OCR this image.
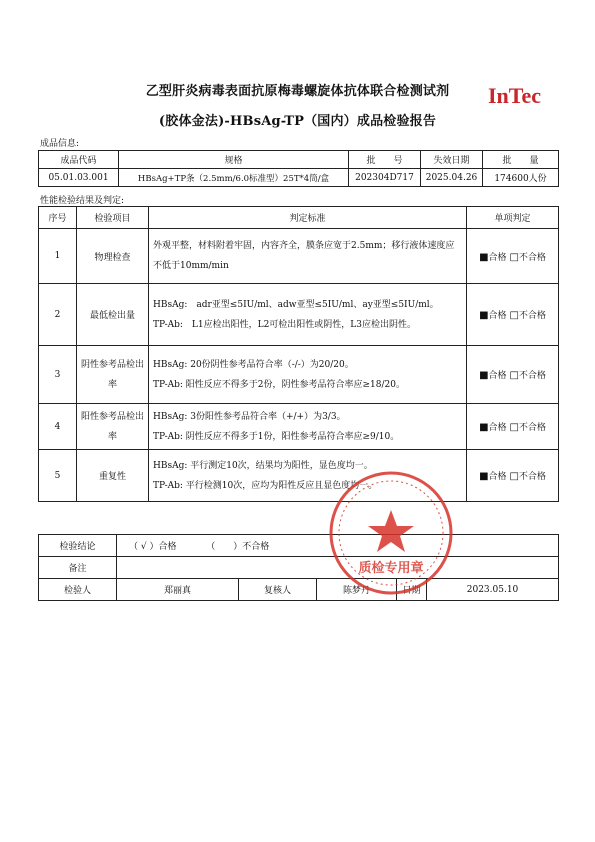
乙型肝炎病毒表面抗原梅毒螺旋体抗体联合检测试剂
(胶体金法)-HBsAg-TP（国内）成品检验报告
InTec
成品信息:
成品代码	规格	批　　号	失效日期	批　　量
05.01.03.001	HBsAg+TP条（2.5mm/6.0标准型）25T*4筒/盒	202304D717	2025.04.26	174600人份
性能检验结果及判定:
序号	检验项目	判定标准	单项判定
1	物理检查	外观平整，材料附着牢固，内容齐全，膜条应宽于2.5mm；移行液体速度应不低于10mm/min	■合格 □不合格
2	最低检出量	HBsAg:　adr亚型≤5IU/ml、adw亚型≤5IU/ml、ay亚型≤5IU/ml。
TP-Ab:　L1应检出阳性，L2可检出阳性或阴性，L3应检出阴性。	■合格 □不合格
3	阴性参考品检出率	HBsAg: 20份阴性参考品符合率（-/-）为20/20。
TP-Ab: 阳性反应不得多于2份，阴性参考品符合率应≥18/20。	■合格 □不合格
4	阳性参考品检出率	HBsAg: 3份阳性参考品符合率（+/+）为3/3。
TP-Ab: 阴性反应不得多于1份，阳性参考品符合率应≥9/10。	■合格 □不合格
5	重复性	HBsAg: 平行测定10次，结果均为阳性，显色度均一。
TP-Ab: 平行检测10次，应均为阳性反应且显色度均一。	■合格 □不合格
检验结论	（ √ ）合格 （　　）不合格				
备注					
检验人	郑丽真	复核人	陈梦丹	日期	2023.05.10
质检专用章
